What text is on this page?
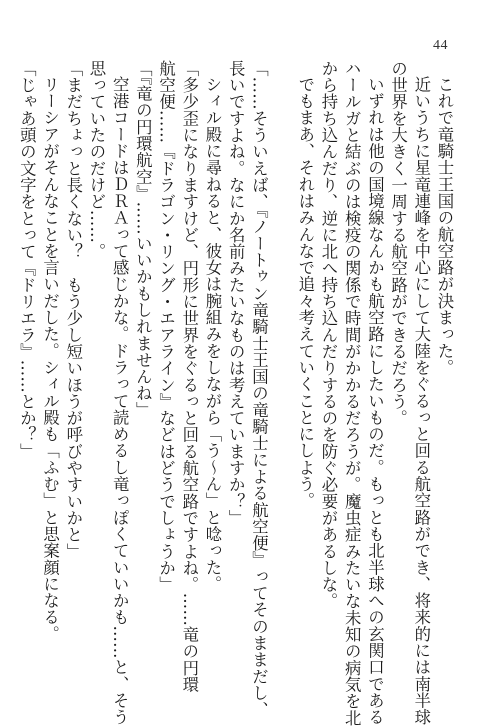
44
これで竜騎士王国の航空路が決まった。
近いうちに星竜連峰を中心にして大陸をぐるっと回る航空路ができ、将来的には南半球
の世界を大きく一周する航空路ができるだろう。
いずれは他の国境線なんかも航空路にしたいものだ。もっとも北半球への玄関口である
ハールガと結ぶのは検疫の関係で時間がかかるだろうが。魔虫症みたいな未知の病気を北
から持ち込んだり、逆に北へ持ち込んだりするのを防ぐ必要があるしな。
でもまあ、それはみんなで追々考えていくことにしよう。
「……そういえば、『ノートゥン竜騎士王国の竜騎士による航空便』ってそのままだし、
長いですよね。なにか名前みたいなものは考えていますか？」
シィル殿に尋ねると、彼女は腕組みをしながら「う～ん」と唸った。
「多少歪になりますけど、円形に世界をぐるっと回る航空路ですよね。……竜の円環
航空便……『ドラゴン・リング・エアライン』などはどうでしょうか」
「『竜の円環航空』……いいかもしれませんね」
空港コードはＤＲＡって感じかな。ドラって読めるし竜っぽくていいかも……と、そう
思っていたのだけど……。
「まだちょっと長くない？　もう少し短いほうが呼びやすいかと」
リーシアがそんなことを言いだした。シィル殿も「ふむ」と思案顔になる。
「じゃあ頭の文字をとって『ドリエラ』……とか？」
